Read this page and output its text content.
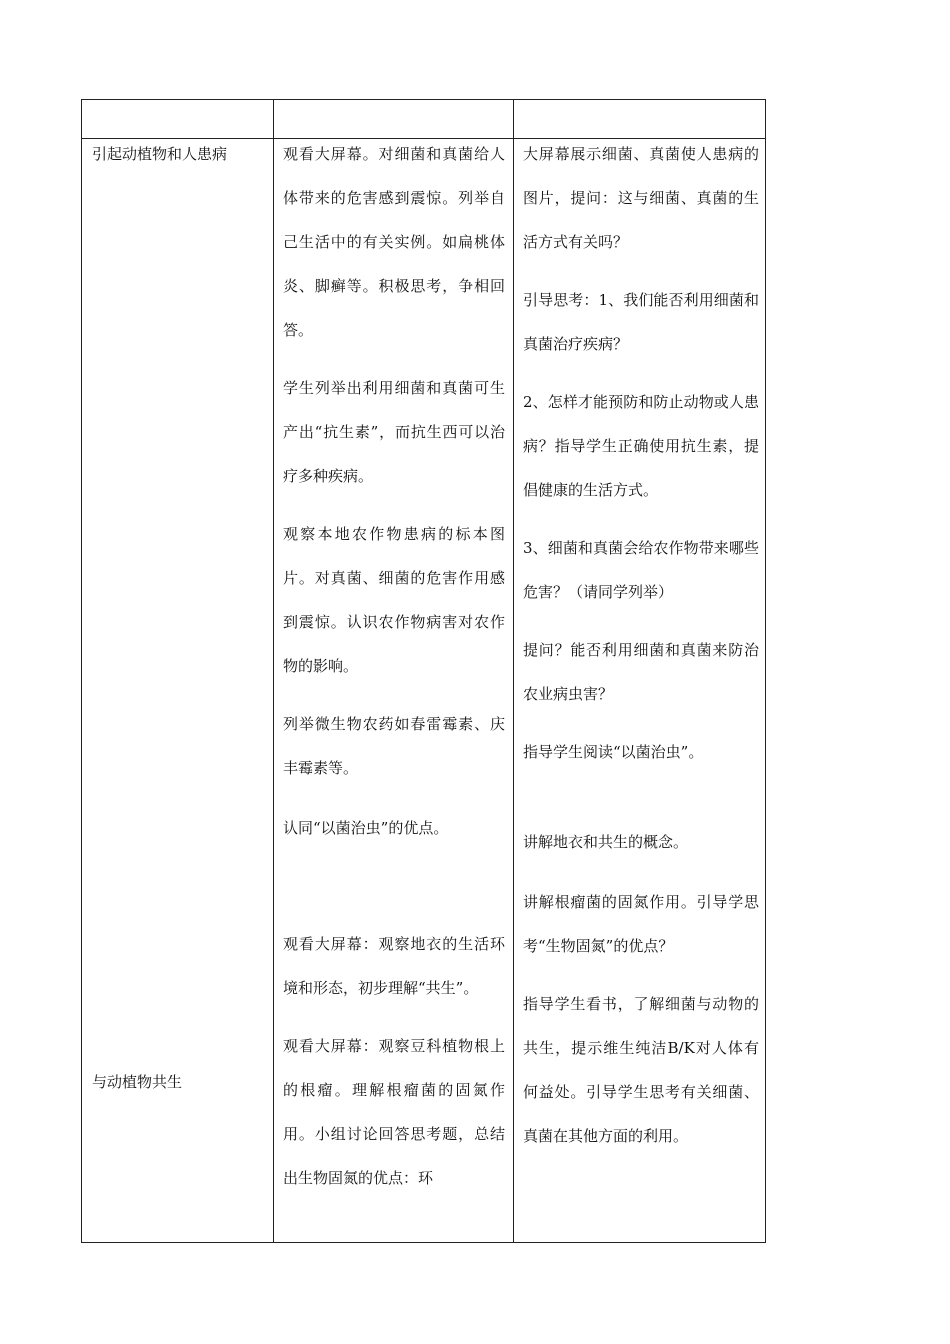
引起动植物和人患病
与动植物共生

观看大屏幕。对细菌和真菌给人体带来的危害感到震惊。列举自己生活中的有关实例。如扁桃体炎、脚癣等。积极思考，争相回答。

学生列举出利用细菌和真菌可生产出“抗生素”，而抗生西可以治疗多种疾病。

观察本地农作物患病的标本图片。对真菌、细菌的危害作用感到震惊。认识农作物病害对农作物的影响。

列举微生物农药如春雷霉素、庆丰霉素等。

认同“以菌治虫”的优点。

观看大屏幕：观察地衣的生活环境和形态，初步理解“共生”。

观看大屏幕：观察豆科植物根上的根瘤。理解根瘤菌的固氮作用。小组讨论回答思考题，总结出生物固氮的优点：环

大屏幕展示细菌、真菌使人患病的图片，提问：这与细菌、真菌的生活方式有关吗？

引导思考：1、我们能否利用细菌和真菌治疗疾病？

2、怎样才能预防和防止动物或人患病？指导学生正确使用抗生素，提倡健康的生活方式。

3、细菌和真菌会给农作物带来哪些危害？（请同学列举）

提问？能否利用细菌和真菌来防治农业病虫害？

指导学生阅读“以菌治虫”。

讲解地衣和共生的概念。

讲解根瘤菌的固氮作用。引导学思考“生物固氮”的优点？

指导学生看书，了解细菌与动物的共生，提示维生纯洁B/K对人体有何益处。引导学生思考有关细菌、真菌在其他方面的利用。
